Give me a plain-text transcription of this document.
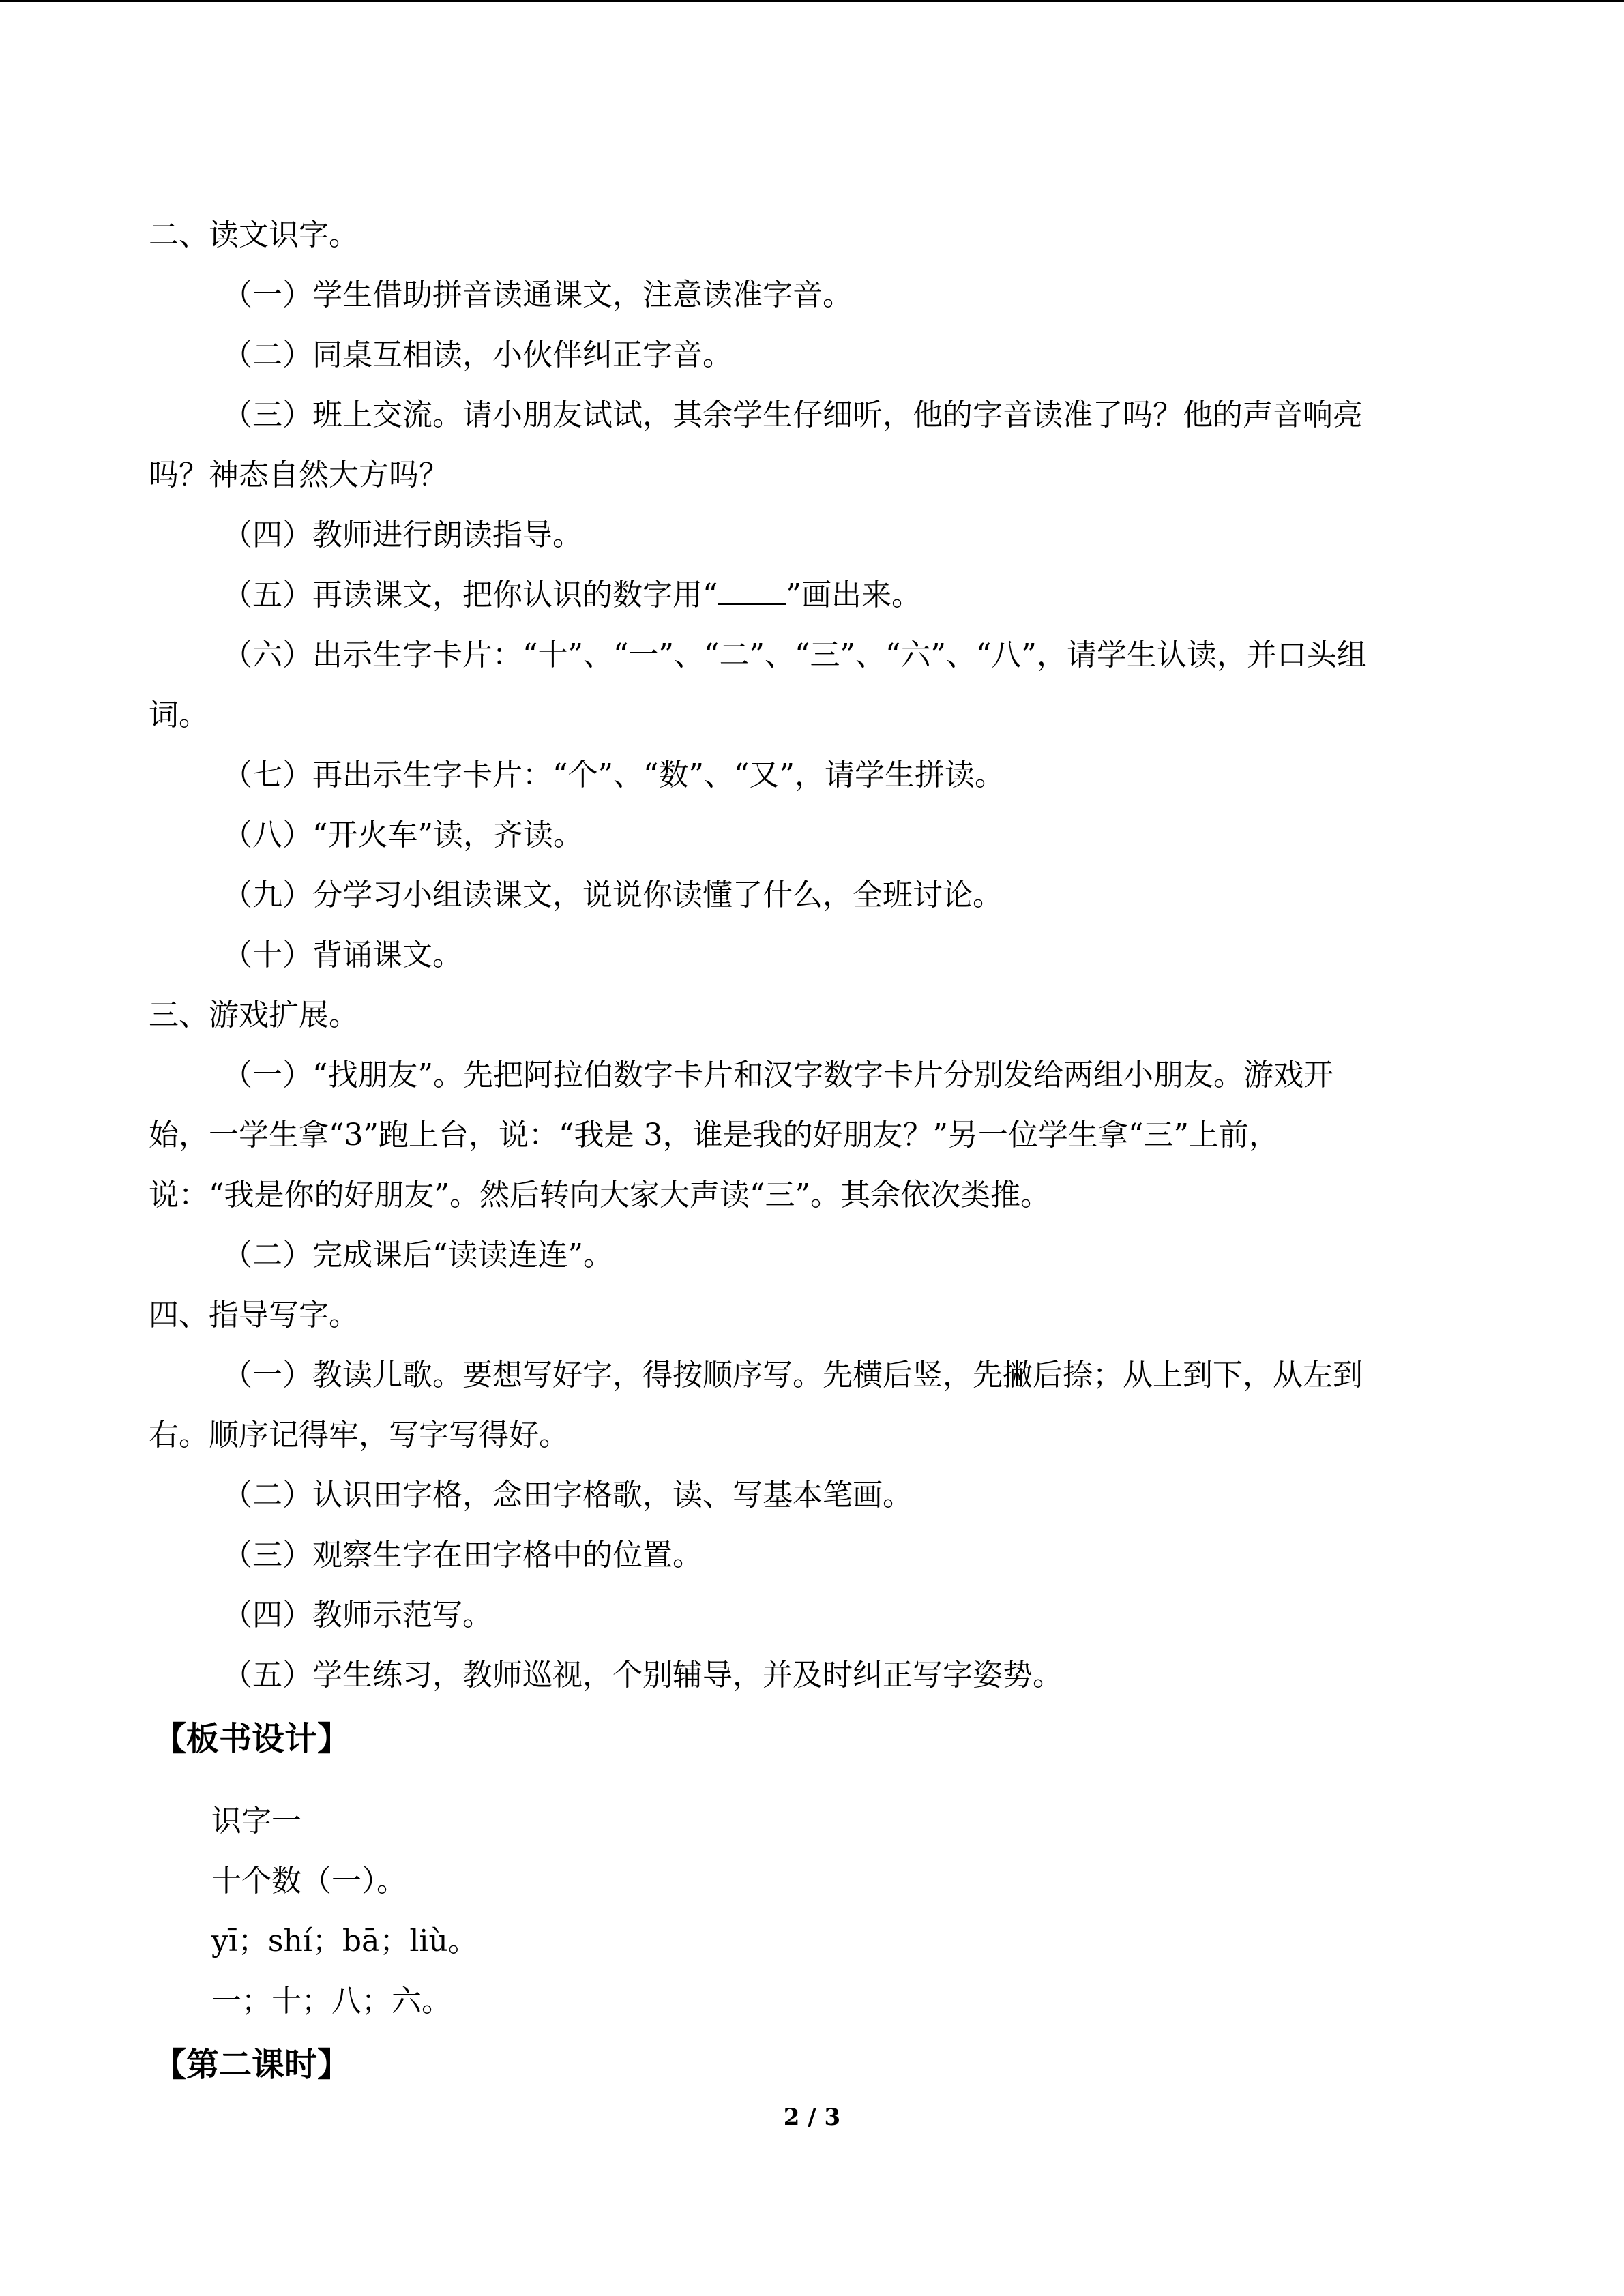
二、读文识字。
（一）学生借助拼音读通课文，注意读准字音。
（二）同桌互相读，小伙伴纠正字音。
（三）班上交流。请小朋友试试，其余学生仔细听，他的字音读准了吗？他的声音响亮
吗？神态自然大方吗？
（四）教师进行朗读指导。
（五）再读课文，把你认识的数字用“ ”画出来。
（六）出示生字卡片：“十”、“一”、“二”、“三”、“六”、“八”，请学生认读，并口头组
词。
（七）再出示生字卡片：“个”、“数”、“又”，请学生拼读。
（八）“开火车”读，齐读。
（九）分学习小组读课文，说说你读懂了什么，全班讨论。
（十）背诵课文。
三、游戏扩展。
（一）“找朋友”。先把阿拉伯数字卡片和汉字数字卡片分别发给两组小朋友。游戏开
始，一学生拿“3”跑上台，说：“我是 3，谁是我的好朋友？”另一位学生拿“三”上前，
说：“我是你的好朋友”。然后转向大家大声读“三”。其余依次类推。
（二）完成课后“读读连连”。
四、指导写字。
（一）教读儿歌。要想写好字，得按顺序写。先横后竖，先撇后捺；从上到下，从左到
右。顺序记得牢，写字写得好。
（二）认识田字格，念田字格歌，读、写基本笔画。
（三）观察生字在田字格中的位置。
（四）教师示范写。
（五）学生练习，教师巡视，个别辅导，并及时纠正写字姿势。
【板书设计】
识字一
十个数（一）。
yī；shí；bā；liù。
一；十；八；六。
【第二课时】
2 / 3
